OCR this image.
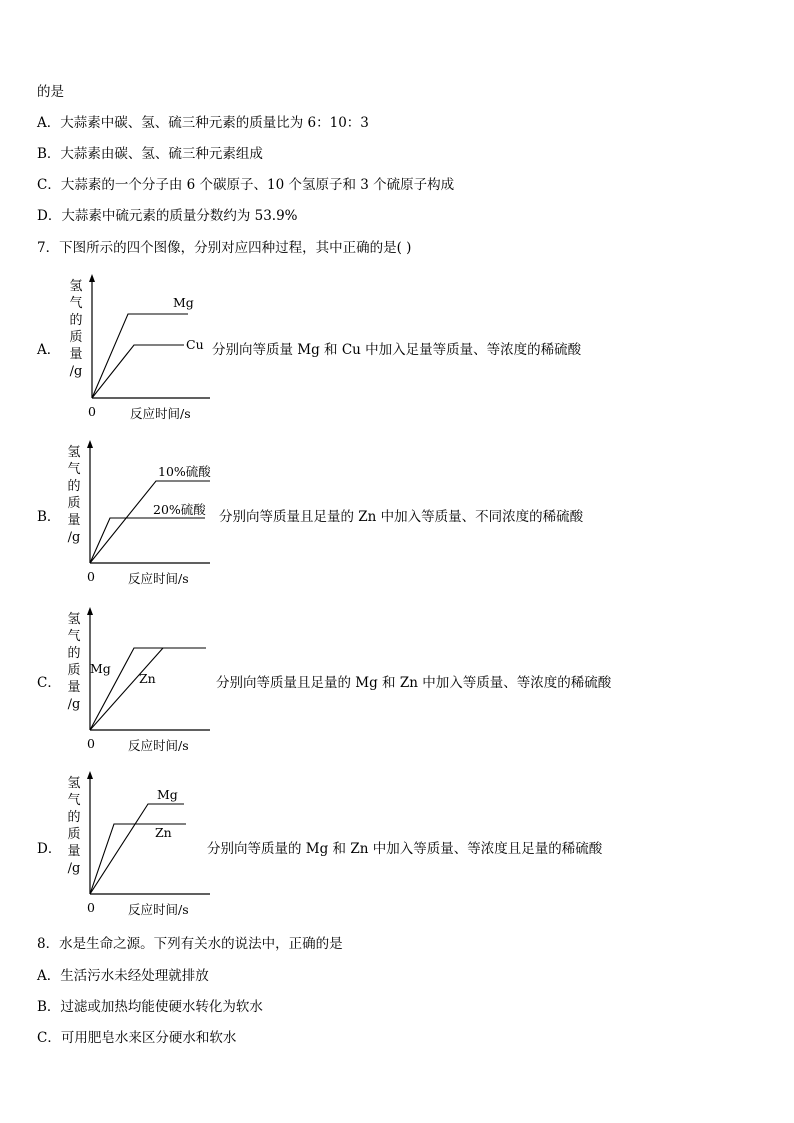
的是
A．大蒜素中碳、氢、硫三种元素的质量比为 6：10：3
B．大蒜素由碳、氢、硫三种元素组成
C．大蒜素的一个分子由 6 个碳原子、10 个氢原子和 3 个硫原子构成
D．大蒜素中硫元素的质量分数约为 53.9%
7．下图所示的四个图像，分别对应四种过程，其中正确的是( )
A．
氢
气
的
质
量
/g
Mg
Cu
0	反应时间/s
分别向等质量 Mg 和 Cu 中加入足量等质量、等浓度的稀硫酸
B．
氢
气
的
质
量
/g
10%硫酸
20%硫酸
0	反应时间/s
分别向等质量且足量的 Zn 中加入等质量、不同浓度的稀硫酸
C．
氢
气
的
质
量
/g
Mg
Zn
0	反应时间/s
分别向等质量且足量的 Mg 和 Zn 中加入等质量、等浓度的稀硫酸
D．
氢
气
的
质
量
/g
Mg
Zn
0	反应时间/s
分别向等质量的 Mg 和 Zn 中加入等质量、等浓度且足量的稀硫酸
8．水是生命之源。下列有关水的说法中，正确的是
A．生活污水未经处理就排放
B．过滤或加热均能使硬水转化为软水
C．可用肥皂水来区分硬水和软水
